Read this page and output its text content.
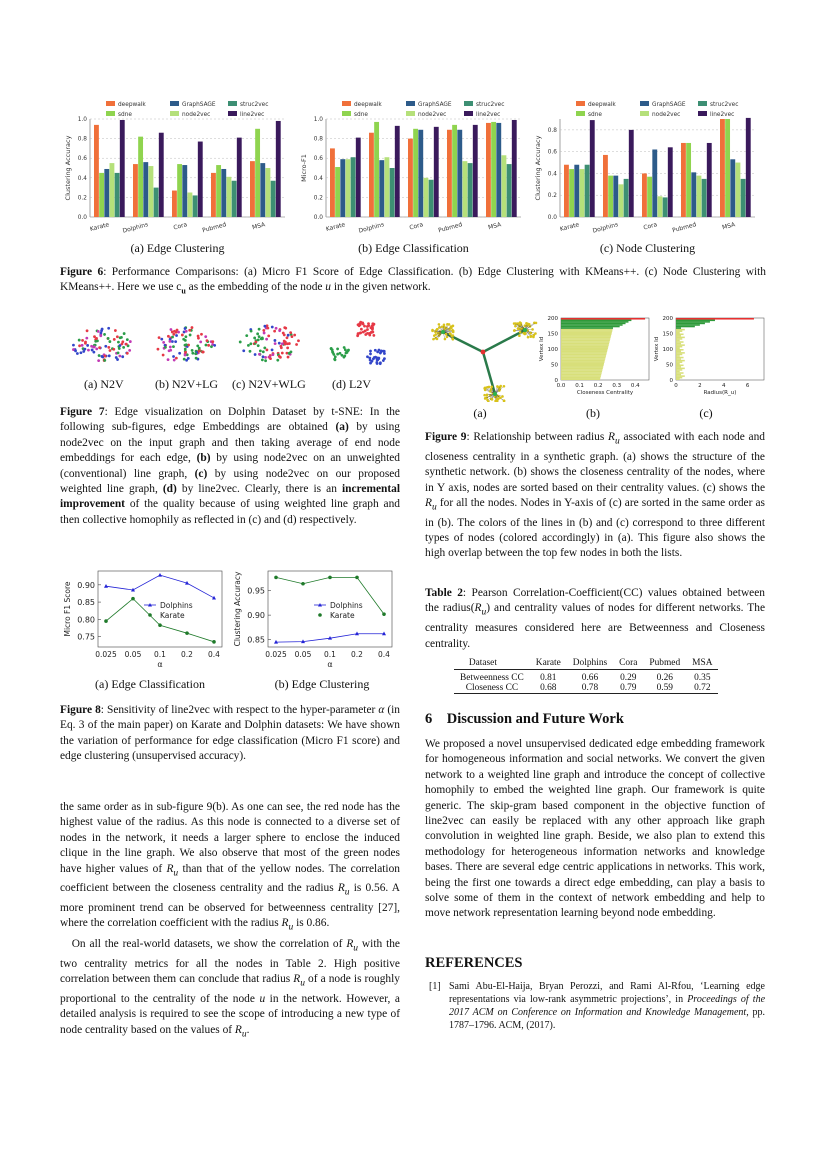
deepwalk	GraphSAGE	struc2vec
sdne	node2vec	line2vec
0.0
0.2
0.4
0.6
0.8
1.0
Clustering Accuracy
Karate Dolphins	Cora Pubmed	MSA
deepwalk	GraphSAGE	struc2vec
sdne	node2vec	line2vec
0.0
0.2
0.4
0.6
0.8
1.0
Micro-F1
Karate Dolphins	Cora Pubmed	MSA
deepwalk	GraphSAGE	struc2vec
sdne	node2vec	line2vec
0.0
0.2
0.4
0.6
0.8
Clustering Accuracy
Karate Dolphins	Cora Pubmed	MSA
(a) Edge Clustering	(b) Edge Classification	(c) Node Clustering

Figure 6: Performance Comparisons: (a) Micro F1 Score of Edge Classification. (b) Edge Clustering with KMeans++. (c) Node Clustering with KMeans++. Here we use $c_u$ as the embedding of the node u in the given network.

(a) N2V	(b) N2V+LG (c) N2V+WLG (d) L2V

Figure 7: Edge visualization on Dolphin Dataset by t-SNE: In the following sub-figures, edge Embeddings are obtained (a) by using node2vec on the input graph and then taking average of end node embeddings for each edge, (b) by using node2vec on an unweighted (conventional) line graph, (c) by using node2vec on our proposed weighted line graph, (d) by line2vec. Clearly, there is an incremental improvement of the quality because of using weighted line graph and then collective homophily as reflected in (c) and (d) respectively.

0.75
0.80
0.85
0.90
0.025 0.05 0.1 0.2 0.4
α
Micro F1 Score	Dolphins
Karate
0.85
0.90
0.95
0.025 0.05 0.1 0.2 0.4
α
Clustering Accuracy	Dolphins
Karate
(a) Edge Classification	(b) Edge Clustering

Figure 8: Sensitivity of line2vec with respect to the hyper-parameter α (in Eq. 3 of the main paper) on Karate and Dolphin datasets: We have shown the variation of performance for edge classification (Micro F1 score) and edge clustering (unsupervised accuracy).

the same order as in sub-figure 9(b). As one can see, the red node has the highest value of the radius. As this node is connected to a diverse set of nodes in the network, it needs a larger sphere to enclose the induced clique in the line graph. We also observe that most of the green nodes have higher values of $R_u$ than that of the yellow nodes. The correlation coefficient between the closeness centrality and the radius $R_u$ is 0.56. A more prominent trend can be observed for betweenness centrality [27], where the correlation coefficient with the radius $R_u$ is 0.86.

On all the real-world datasets, we show the correlation of $R_u$ with the two centrality metrics for all the nodes in Table 2. High positive correlation between them can conclude that radius $R_u$ of a node is roughly proportional to the centrality of the node u in the network. However, a detailed analysis is required to see the scope of introducing a new type of node centrality based on the values of $R_u$.

0
50
100
150
200
0.0 0.1 0.2 0.3 0.4
Closeness Centrality
Vertex Id
0
50
100
150
200
0	2	4	6
Radius(R_u)
Vertex Id
(a)	(b)	(c)

Figure 9: Relationship between radius $R_u$ associated with each node and closeness centrality in a synthetic graph. (a) shows the structure of the synthetic network. (b) shows the closeness centrality of the nodes, where in Y axis, nodes are sorted based on their centrality values. (c) shows the $R_u$ for all the nodes. Nodes in Y-axis of (c) are sorted in the same order as in (b). The colors of the lines in (b) and (c) correspond to three different types of nodes (colored accordingly) in (a). This figure also shows the high overlap between the top few nodes in both the lists.

Table 2: Pearson Correlation-Coefficient(CC) values obtained between the $radius(R_u)$ and centrality values of nodes for different networks. The centrality measures considered here are Betweenness and Closeness centrality.

Dataset	Karate	Dolphins	Cora	Pubmed	MSA
Betweenness CC	0.81	0.66	0.29	0.26	0.35
Closeness CC	0.68	0.78	0.79	0.59	0.72
6    Discussion and Future Work

We proposed a novel unsupervised dedicated edge embedding framework for homogeneous information and social networks. We convert the given network to a weighted line graph and introduce the concept of collective homophily to embed the weighted line graph. Our framework is quite generic. The skip-gram based component in the objective function of line2vec can easily be replaced with any other approach like graph convolution in weighted line graph. Beside, we also plan to extend this methodology for heterogeneous information networks and knowledge bases. There are several edge centric applications in networks. This work, being the first one towards a direct edge embedding, can play a basis to solve some of them in the context of network embedding and help to move network representation learning beyond node embedding.

REFERENCES
[1] Sami Abu-El-Haija, Bryan Perozzi, and Rami Al-Rfou, ‘Learning edge representations via low-rank asymmetric projections’, in Proceedings of the 2017 ACM on Conference on Information and Knowledge Management, pp. 1787–1796. ACM, (2017).
